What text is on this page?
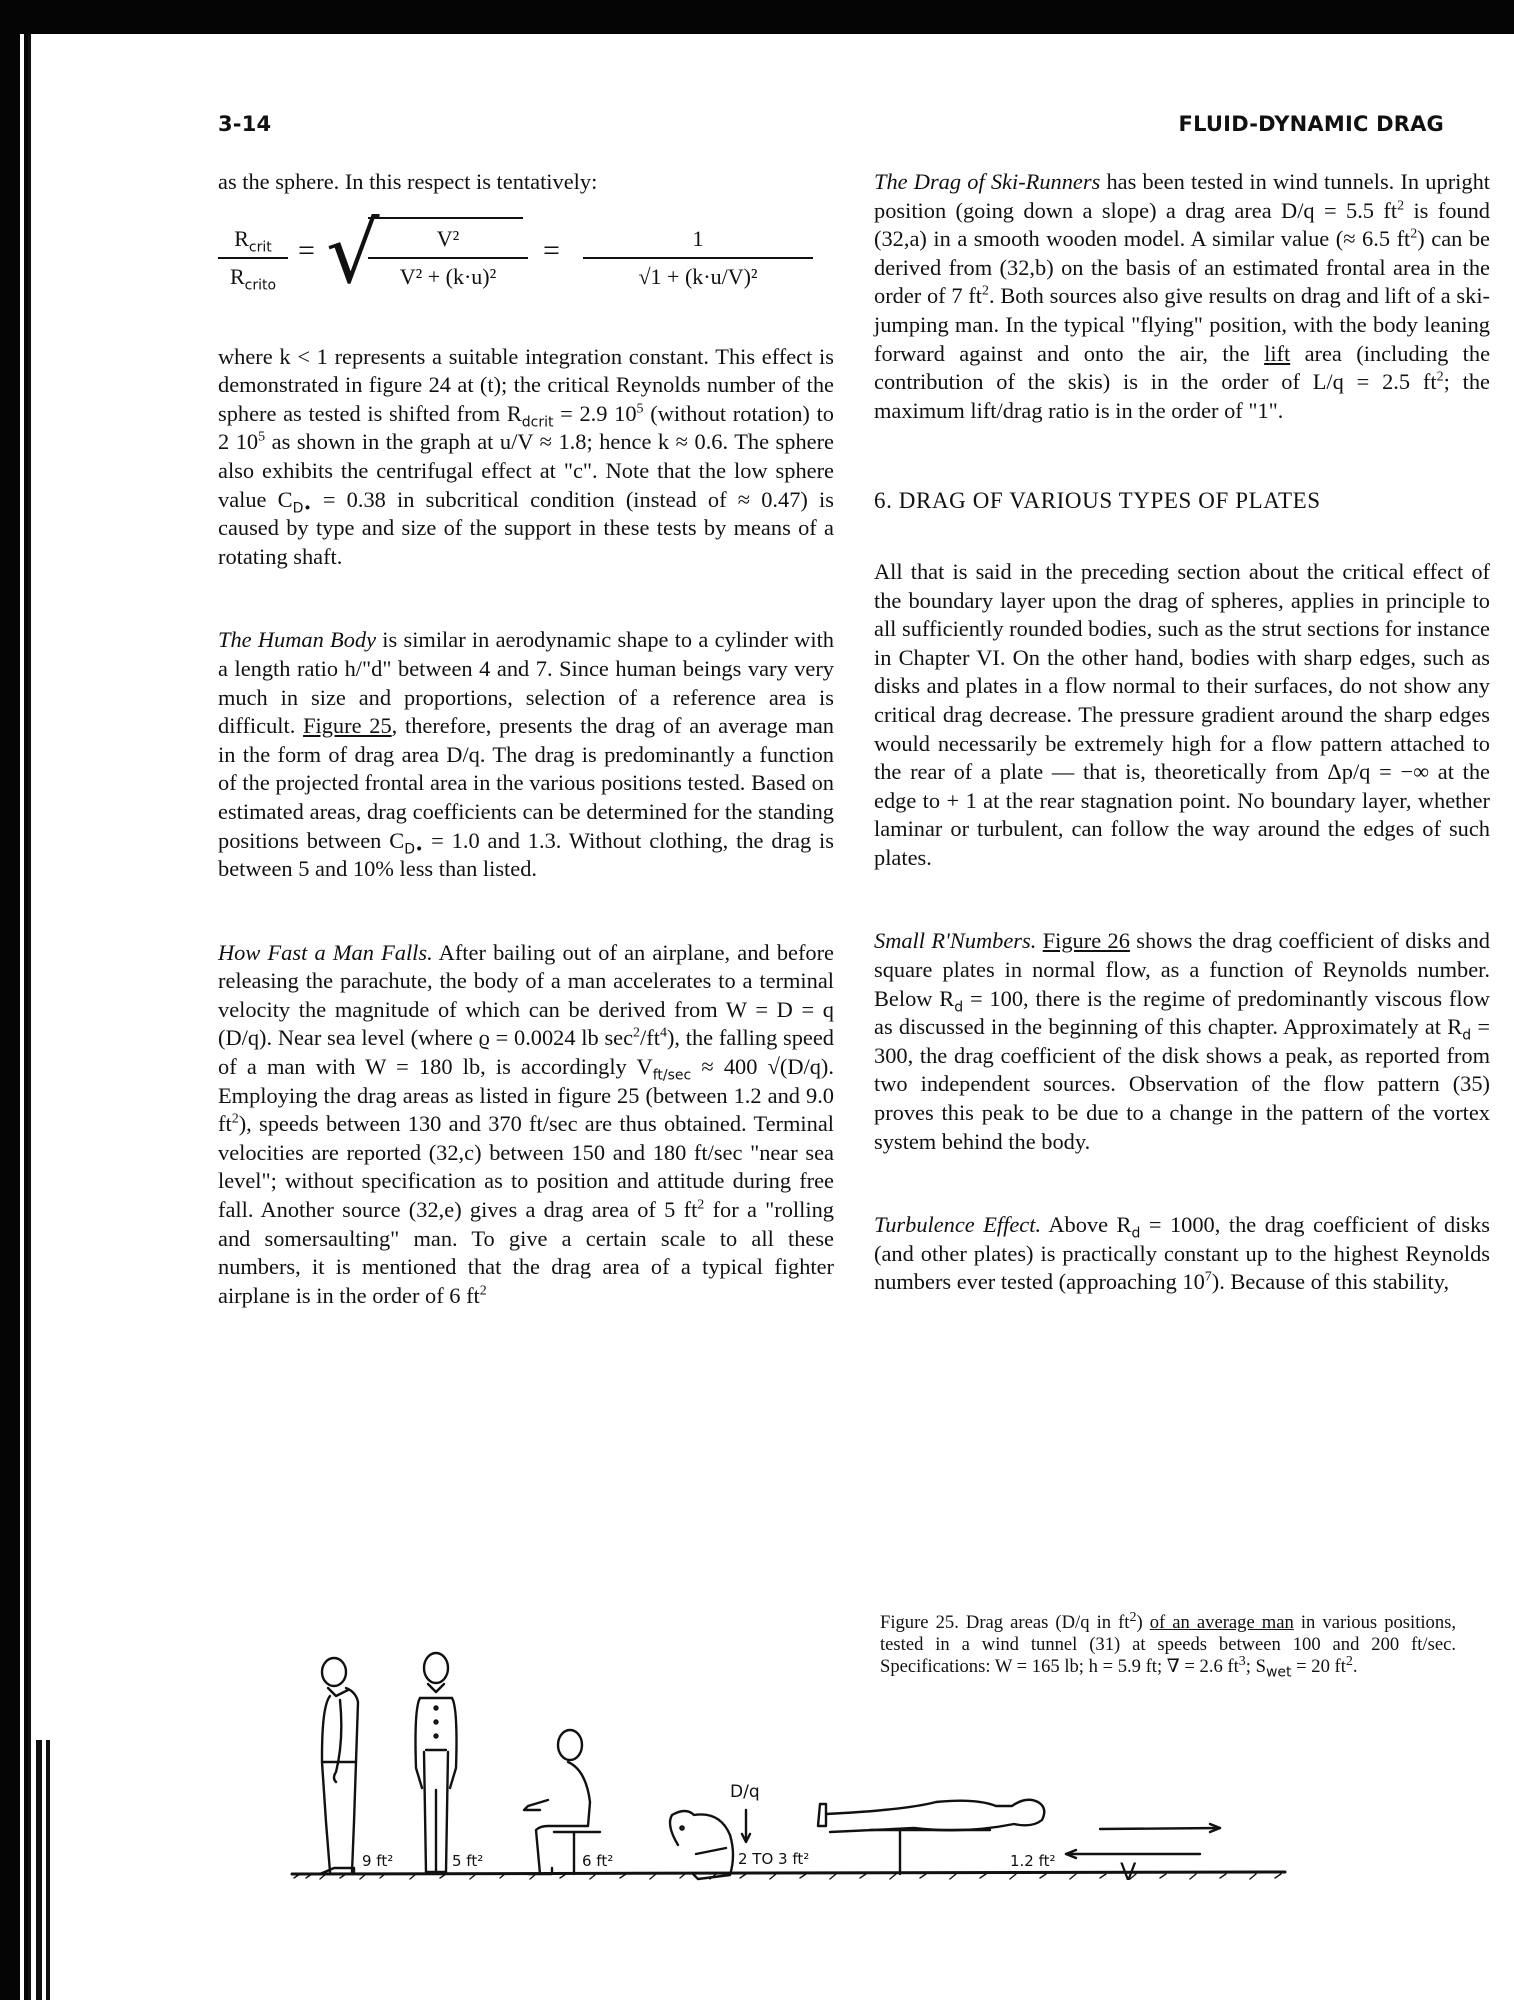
3-14	FLUID-DYNAMIC DRAG

as the sphere. In this respect is tentatively:

$R_{crit}$
$R_{crito}$
= √
$\frac{\text{V²}}{\text{V² + (k·u)²}} = \frac{1}{\text{√1 + (k·u/V)²}}$

where k < 1 represents a suitable integration constant. This effect is demonstrated in figure 24 at (t); the critical Reynolds number of the sphere as tested is shifted from $R_{dcrit} = 2.9$ $10^5$ (without rotation) to 2 $10^5$ as shown in the graph at u/V ≈ 1.8; hence k ≈ 0.6. The sphere also exhibits the centrifugal effect at "c". Note that the low sphere value $C_{D•} = 0.38$ in subcritical condition (instead of ≈ 0.47) is caused by type and size of the support in these tests by means of a rotating shaft.

The Human Body is similar in aerodynamic shape to a cylinder with a length ratio h/"d" between 4 and 7. Since human beings vary very much in size and proportions, selection of a reference area is difficult. Figure 25, therefore, presents the drag of an average man in the form of drag area D/q. The drag is predominantly a function of the projected frontal area in the various positions tested. Based on estimated areas, drag coefficients can be determined for the standing positions between $C_{D•} = 1.0$ and 1.3. Without clothing, the drag is between 5 and 10% less than listed.

How Fast a Man Falls. After bailing out of an airplane, and before releasing the parachute, the body of a man accelerates to a terminal velocity the magnitude of which can be derived from W = D = q (D/q). Near sea level (where ϱ = 0.0024 lb $\sec^2/ft^4$), the falling speed of a man with W = 180 lb, is accordingly $V_{ft/sec} \approx 400$ √(D/q). Employing the drag areas as listed in figure 25 (between 1.2 and 9.0 $ft^2$), speeds between 130 and 370 ft/sec are thus obtained. Terminal velocities are reported (32,c) between 150 and 180 ft/sec "near sea level"; without specification as to position and attitude during free fall. Another source (32,e) gives a drag area of 5 $ft^2$ for a "rolling and somersaulting" man. To give a certain scale to all these numbers, it is mentioned that the drag area of a typical fighter airplane is in the order of 6 $ft^2$

The Drag of Ski-Runners has been tested in wind tunnels. In upright position (going down a slope) a drag area D/q = 5.5 $ft^2$ is found (32,a) in a smooth wooden model. A similar value (≈ 6.5 $ft^2$) can be derived from (32,b) on the basis of an estimated frontal area in the order of 7 $ft^2$. Both sources also give results on drag and lift of a ski-jumping man. In the typical "flying" position, with the body leaning forward against and onto the air, the lift area (including the contribution of the skis) is in the order of L/q = 2.5 $ft^2$; the maximum lift/drag ratio is in the order of "1".

6. DRAG OF VARIOUS TYPES OF PLATES

All that is said in the preceding section about the critical effect of the boundary layer upon the drag of spheres, applies in principle to all sufficiently rounded bodies, such as the strut sections for instance in Chapter VI. On the other hand, bodies with sharp edges, such as disks and plates in a flow normal to their surfaces, do not show any critical drag decrease. The pressure gradient around the sharp edges would necessarily be extremely high for a flow pattern attached to the rear of a plate — that is, theoretically from Δp/q = −∞ at the edge to + 1 at the rear stagnation point. No boundary layer, whether laminar or turbulent, can follow the way around the edges of such plates.

Small R'Numbers. Figure 26 shows the drag coefficient of disks and square plates in normal flow, as a function of Reynolds number. Below $R_d = 100$, there is the regime of predominantly viscous flow as discussed in the beginning of this chapter. Approximately at $R_d = 300$, the drag coefficient of the disk shows a peak, as reported from two independent sources. Observation of the flow pattern (35) proves this peak to be due to a change in the pattern of the vortex system behind the body.

Turbulence Effect. Above $R_d = 1000$, the drag coefficient of disks (and other plates) is practically constant up to the highest Reynolds numbers ever tested (approaching $10^7$). Because of this stability,

Figure 25. Drag areas (D/q in $ft^2$) of an average man in various positions, tested in a wind tunnel (31) at speeds between 100 and 200 ft/sec. Specifications: W = 165 lb; h = 5.9 ft; ∇ = 2.6 $ft^3$; $S_{wet} = 20$ $ft^2$.
9 ft²	5 ft²	6 ft²	2 TO 3 ft²	1.2 ft²
D/q
V
